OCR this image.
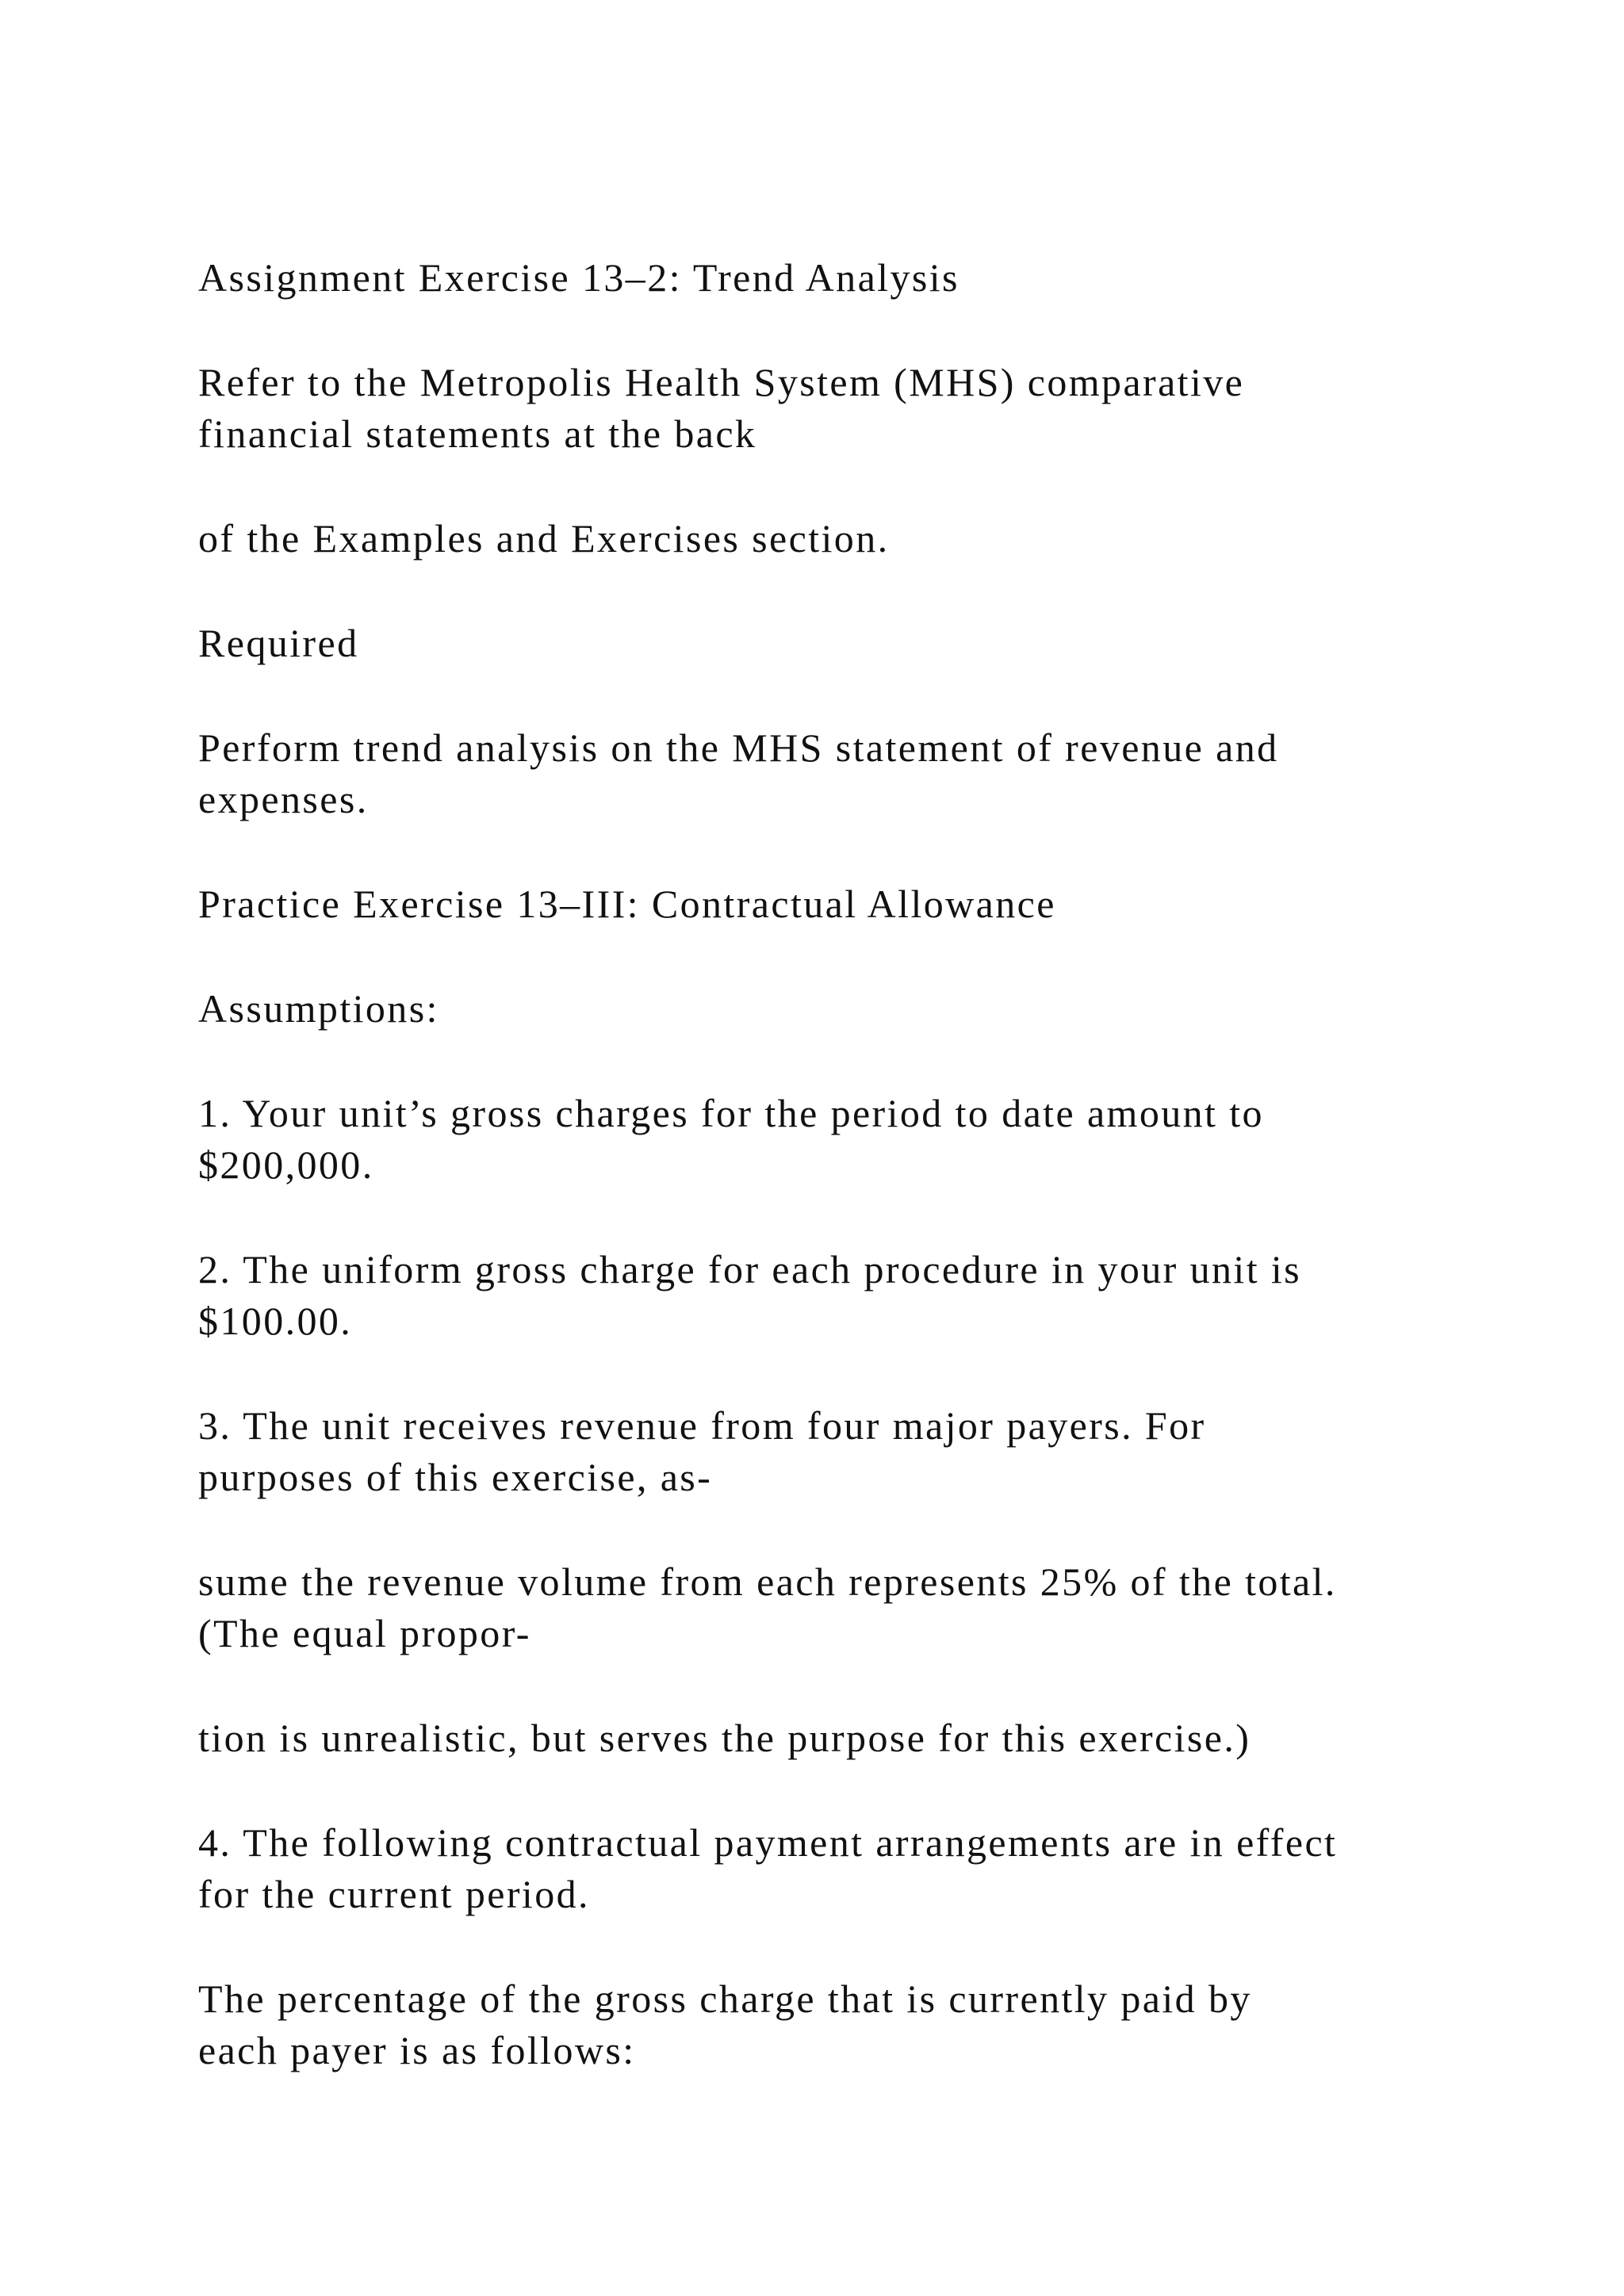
Assignment Exercise 13–2: Trend Analysis

Refer to the Metropolis Health System (MHS) comparative
financial statements at the back

of the Examples and Exercises section.

Required

Perform trend analysis on the MHS statement of revenue and
expenses.

Practice Exercise 13–III: Contractual Allowance

Assumptions:

1. Your unit’s gross charges for the period to date amount to
$200,000.

2. The uniform gross charge for each procedure in your unit is
$100.00.

3. The unit receives revenue from four major payers. For
purposes of this exercise, as-

sume the revenue volume from each represents 25% of the total.
(The equal propor-

tion is unrealistic, but serves the purpose for this exercise.)

4. The following contractual payment arrangements are in effect
for the current period.

The percentage of the gross charge that is currently paid by
each payer is as follows:
